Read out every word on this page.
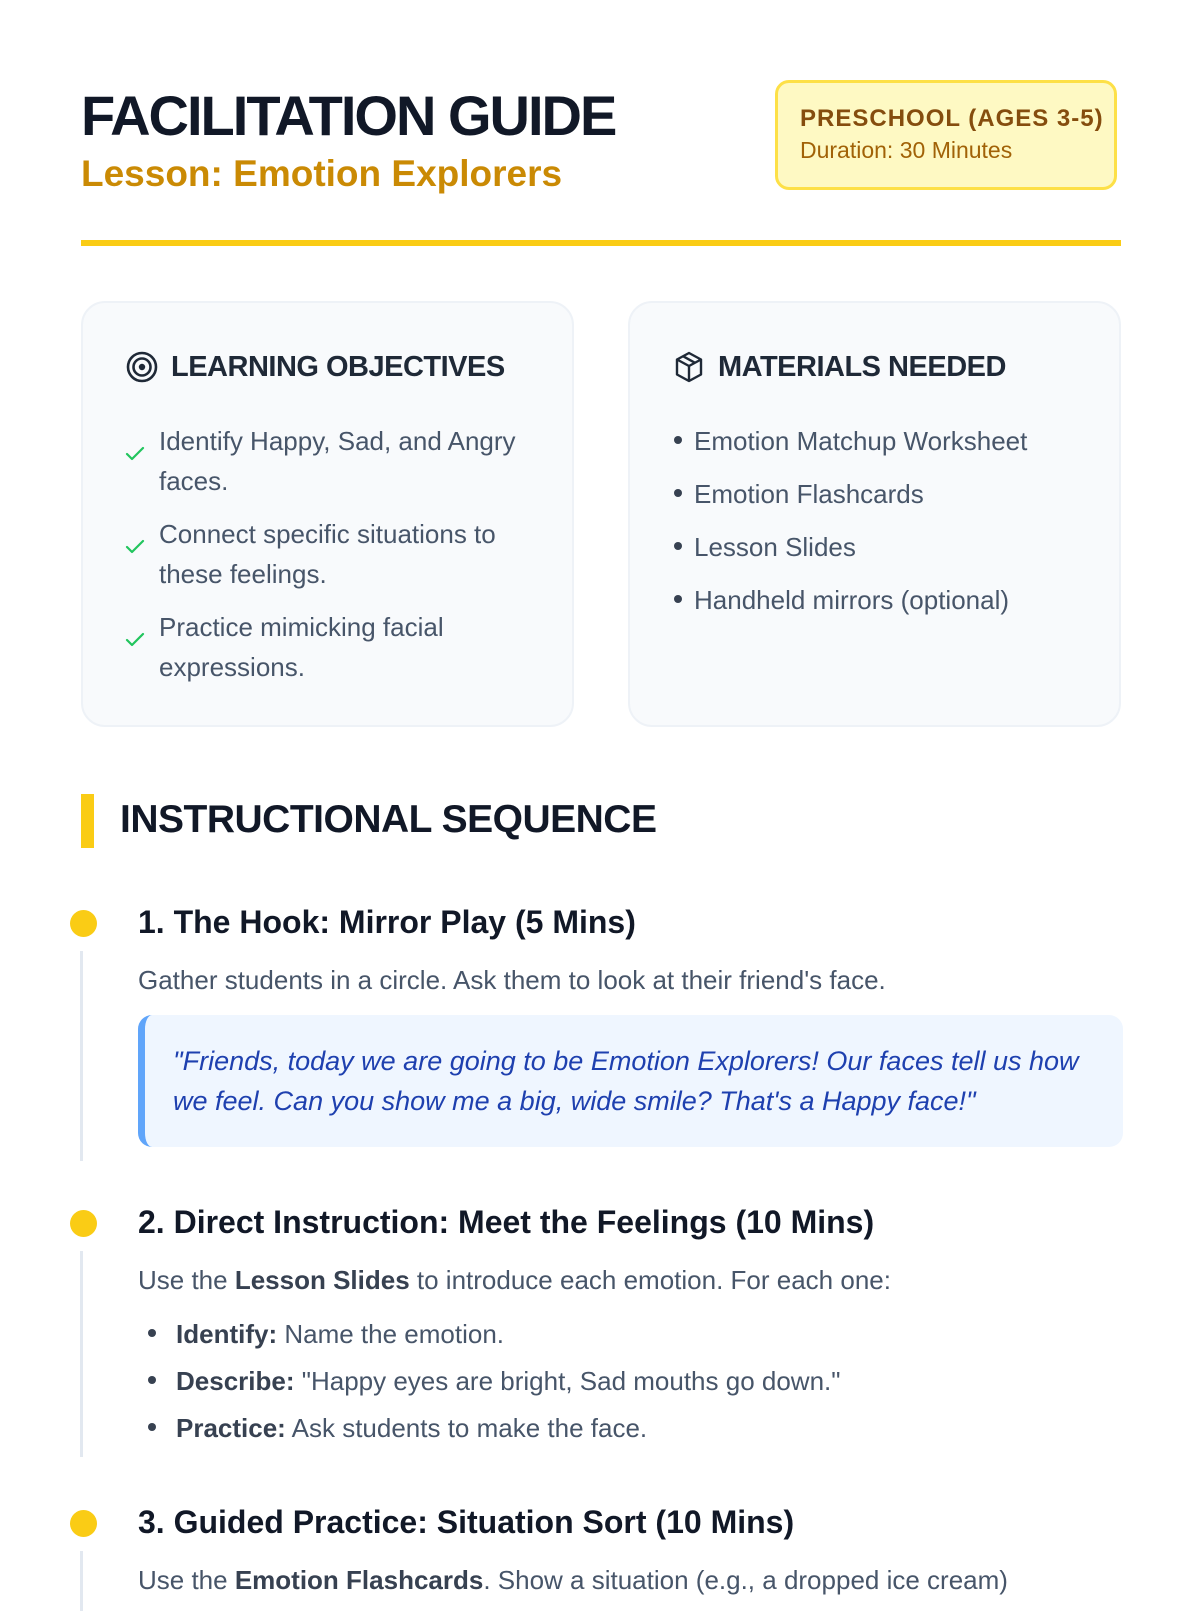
FACILITATION GUIDE
Lesson: Emotion Explorers
PRESCHOOL (AGES 3-5)
Duration: 30 Minutes
LEARNING OBJECTIVES
Identify Happy, Sad, and Angry faces.
Connect specific situations to these feelings.
Practice mimicking facial expressions.
MATERIALS NEEDED
Emotion Matchup Worksheet
Emotion Flashcards
Lesson Slides
Handheld mirrors (optional)
INSTRUCTIONAL SEQUENCE
1. The Hook: Mirror Play (5 Mins)
Gather students in a circle. Ask them to look at their friend's face.
"Friends, today we are going to be Emotion Explorers! Our faces tell us how we feel. Can you show me a big, wide smile? That's a Happy face!"
2. Direct Instruction: Meet the Feelings (10 Mins)
Use the Lesson Slides to introduce each emotion. For each one:
Identify: Name the emotion.
Describe: "Happy eyes are bright, Sad mouths go down."
Practice: Ask students to make the face.
3. Guided Practice: Situation Sort (10 Mins)
Use the Emotion Flashcards. Show a situation (e.g., a dropped ice cream)
